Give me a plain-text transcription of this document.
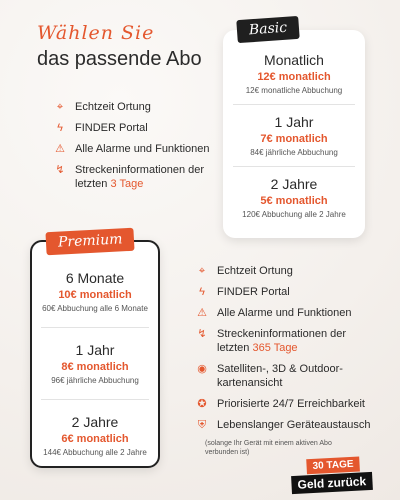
Wählen Sie
das passende Abo
⌖	Echtzeit Ortung
ϟ	FINDER Portal
⚠ Alle Alarme und Funktionen
↯ Streckeninformationen der letzten 3 Tage
Basic
Monatlich
12€ monatlich
12€ monatliche Abbuchung
1 Jahr
7€ monatlich
84€ jährliche Abbuchung
2 Jahre
5€ monatlich
120€ Abbuchung alle 2 Jahre
Premium
6 Monate
10€ monatlich
60€ Abbuchung alle 6 Monate
1 Jahr
8€ monatlich
96€ jährliche Abbuchung
2 Jahre
6€ monatlich
144€ Abbuchung alle 2 Jahre
⌖	Echtzeit Ortung
ϟ	FINDER Portal
⚠ Alle Alarme und Funktionen
↯ Streckeninformationen der letzten 365 Tage
◉ Satelliten-, 3D & Outdoor-kartenansicht
✪ Priorisierte 24/7 Erreichbarkeit
⛨ Lebenslanger Geräteaustausch
(solange Ihr Gerät mit einem aktiven Abo verbunden ist)
30 TAGE
Geld zurück
